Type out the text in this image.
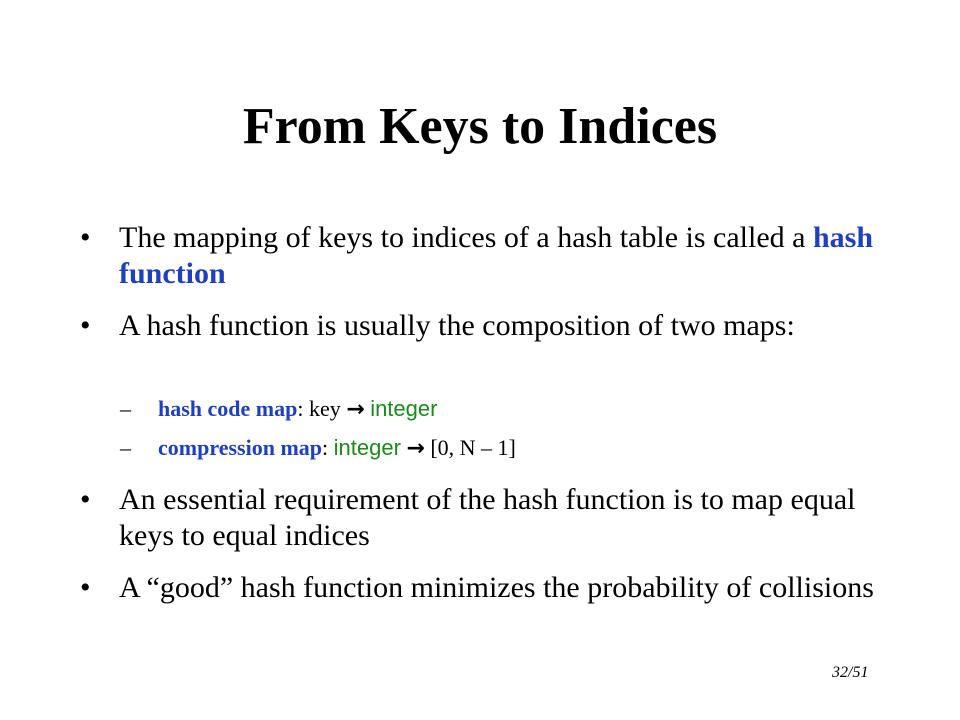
From Keys to Indices
• The mapping of keys to indices of a hash table is called a hash function
• A hash function is usually the composition of two maps:
– hash code map: key → integer
– compression map: integer → [0, N – 1]
• An essential requirement of the hash function is to map equal keys to equal indices
• A “good” hash function minimizes the probability of collisions
32/51
